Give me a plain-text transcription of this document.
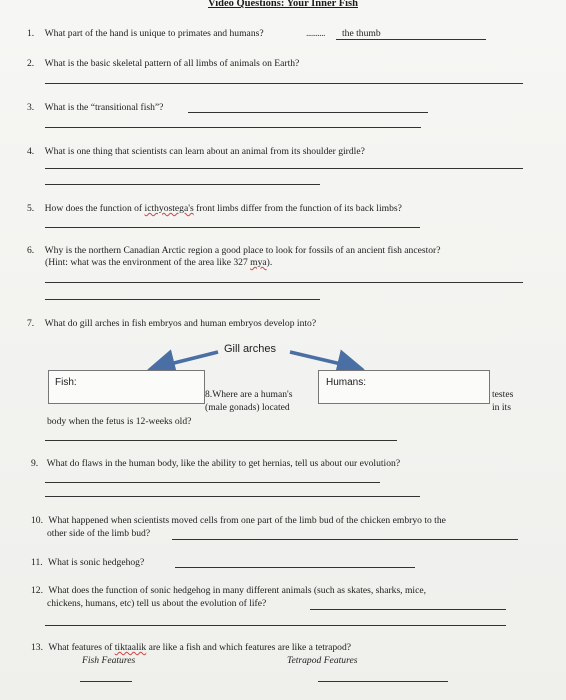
Video Questions: Your Inner Fish
1. What part of the hand is unique to primates and humans?	.......... the thumb
2. What is the basic skeletal pattern of all limbs of animals on Earth?
3. What is the “transitional fish”?
4. What is one thing that scientists can learn about an animal from its shoulder girdle?
5. How does the function of icthyostega's front limbs differ from the function of its back limbs?
6. Why is the northern Canadian Arctic region a good place to look for fossils of an ancient fish ancestor?
(Hint: what was the environment of the area like 327 mya).
7. What do gill arches in fish embryos and human embryos develop into?
Gill arches
Fish:	Humans:
8.Where are a human's
(male gonads) located
body when the fetus is 12-weeks old?
testes
in its
9. What do flaws in the human body, like the ability to get hernias, tell us about our evolution?
10. What happened when scientists moved cells from one part of the limb bud of the chicken embryo to the
other side of the limb bud?
11. What is sonic hedgehog?
12. What does the function of sonic hedgehog in many different animals (such as skates, sharks, mice,
chickens, humans, etc) tell us about the evolution of life?
13. What features of tiktaalik are like a fish and which features are like a tetrapod?
Fish Features	Tetrapod Features
